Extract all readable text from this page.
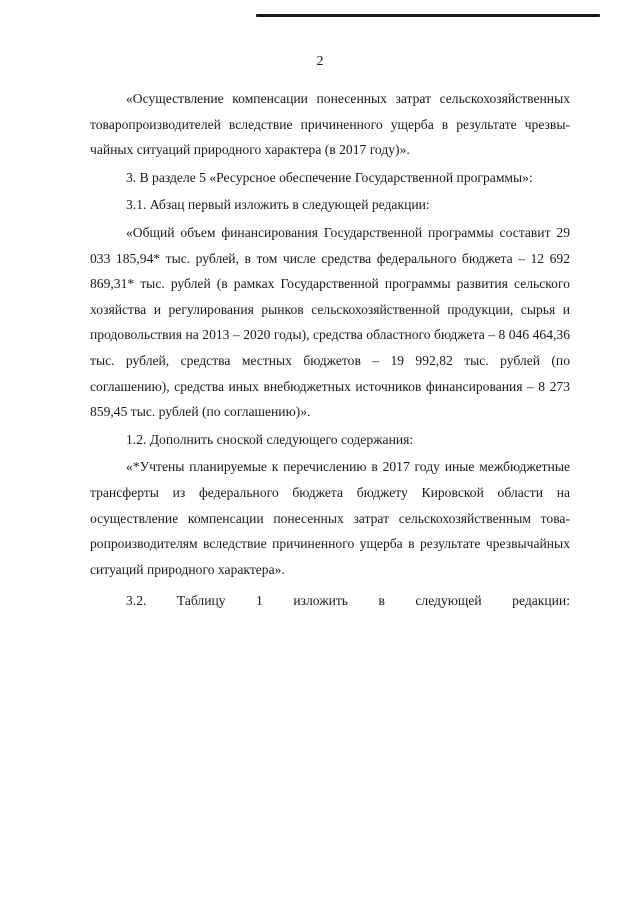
2

«Осуществление компенсации понесенных затрат сельскохозяйственных товаропроизводителей вследствие причиненного ущерба в результате чрезвычайных ситуаций природного характера (в 2017 году)».

3. В разделе 5 «Ресурсное обеспечение Государственной программы»:

3.1. Абзац первый изложить в следующей редакции:

«Общий объем финансирования Государственной программы составит 29 033 185,94* тыс. рублей, в том числе средства федерального бюджета – 12 692 869,31* тыс. рублей (в рамках Государственной программы развития сельского хозяйства и регулирования рынков сельскохозяйственной продукции, сырья и продовольствия на 2013 – 2020 годы), средства областного бюджета – 8 046 464,36 тыс. рублей, средства местных бюджетов – 19 992,82 тыс. рублей (по соглашению), средства иных внебюджетных источников финансирования – 8 273 859,45 тыс. рублей (по соглашению)».

1.2. Дополнить сноской следующего содержания:

«*Учтены планируемые к перечислению в 2017 году иные межбюджетные трансферты из федерального бюджета бюджету Кировской области на осуществление компенсации понесенных затрат сельскохозяйственным товаропроизводителям вследствие причиненного ущерба в результате чрезвычайных ситуаций природного характера».

3.2. Таблицу 1 изложить в следующей редакции:
